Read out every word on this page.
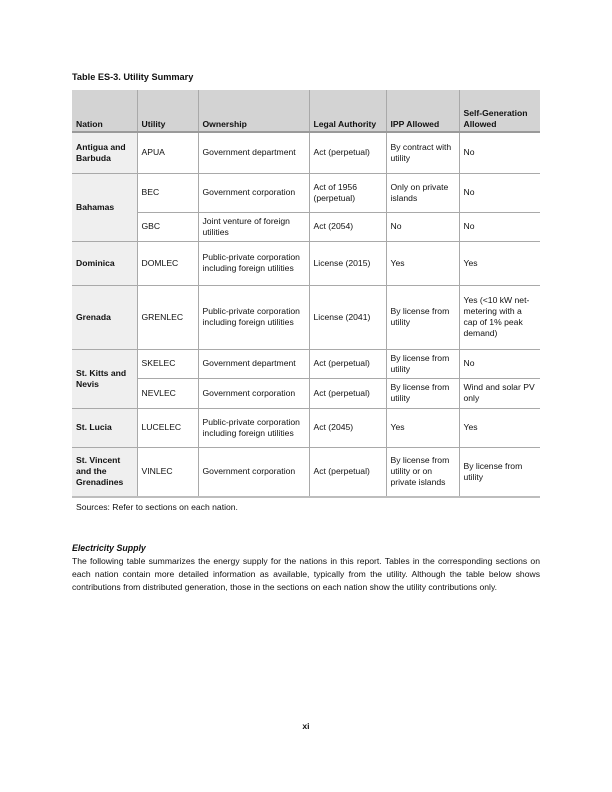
Table ES-3. Utility Summary
Nation	Utility	Ownership	Legal Authority	IPP Allowed	Self-Generation Allowed
Antigua and Barbuda	APUA	Government department	Act (perpetual)	By contract with utility	No
Bahamas	BEC	Government corporation	Act of 1956 (perpetual)	Only on private islands	No
	GBC	Joint venture of foreign utilities	Act (2054)	No	No
Dominica	DOMLEC	Public-private corporation including foreign utilities	License (2015)	Yes	Yes
Grenada	GRENLEC	Public-private corporation including foreign utilities	License (2041)	By license from utility	Yes (<10 kW net-metering with a cap of 1% peak demand)
St. Kitts and Nevis	SKELEC	Government department	Act (perpetual)	By license from utility	No
	NEVLEC	Government corporation	Act (perpetual)	By license from utility	Wind and solar PV only
St. Lucia	LUCELEC	Public-private corporation including foreign utilities	Act (2045)	Yes	Yes
St. Vincent and the Grenadines	VINLEC	Government corporation	Act (perpetual)	By license from utility or on private islands	By license from utility
Sources: Refer to sections on each nation.
Electricity Supply
The following table summarizes the energy supply for the nations in this report. Tables in the corresponding sections on each nation contain more detailed information as available, typically from the utility. Although the table below shows contributions from distributed generation, those in the sections on each nation show the utility contributions only.
xi
